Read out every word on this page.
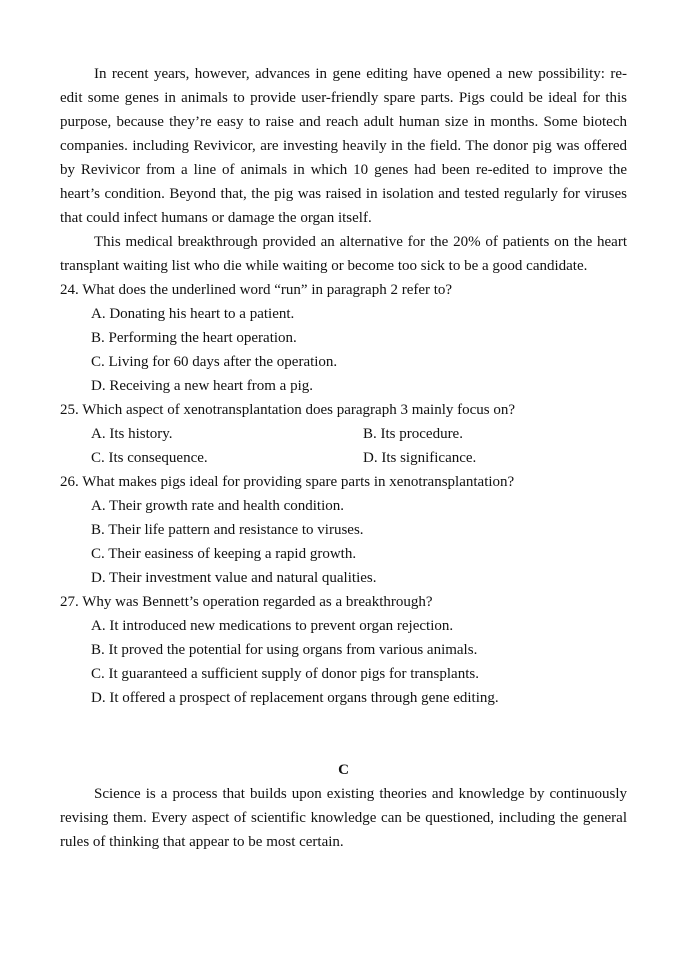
In recent years, however, advances in gene editing have opened a new possibility: re-edit some genes in animals to provide user-friendly spare parts. Pigs could be ideal for this purpose, because they’re easy to raise and reach adult human size in months. Some biotech companies. including Revivicor, are investing heavily in the field. The donor pig was offered by Revivicor from a line of animals in which 10 genes had been re-edited to improve the heart’s condition. Beyond that, the pig was raised in isolation and tested regularly for viruses that could infect humans or damage the organ itself.

This medical breakthrough provided an alternative for the 20% of patients on the heart transplant waiting list who die while waiting or become too sick to be a good candidate.

24. What does the underlined word “run” in paragraph 2 refer to?

A. Donating his heart to a patient.

B. Performing the heart operation.

C. Living for 60 days after the operation.

D. Receiving a new heart from a pig.

25. Which aspect of xenotransplantation does paragraph 3 mainly focus on?

A. Its history.	B. Its procedure.

C. Its consequence.	D. Its significance.

26. What makes pigs ideal for providing spare parts in xenotransplantation?

A. Their growth rate and health condition.

B. Their life pattern and resistance to viruses.

C. Their easiness of keeping a rapid growth.

D. Their investment value and natural qualities.

27. Why was Bennett’s operation regarded as a breakthrough?

A. It introduced new medications to prevent organ rejection.

B. It proved the potential for using organs from various animals.

C. It guaranteed a sufficient supply of donor pigs for transplants.

D. It offered a prospect of replacement organs through gene editing.

C

Science is a process that builds upon existing theories and knowledge by continuously revising them. Every aspect of scientific knowledge can be questioned, including the general rules of thinking that appear to be most certain.
